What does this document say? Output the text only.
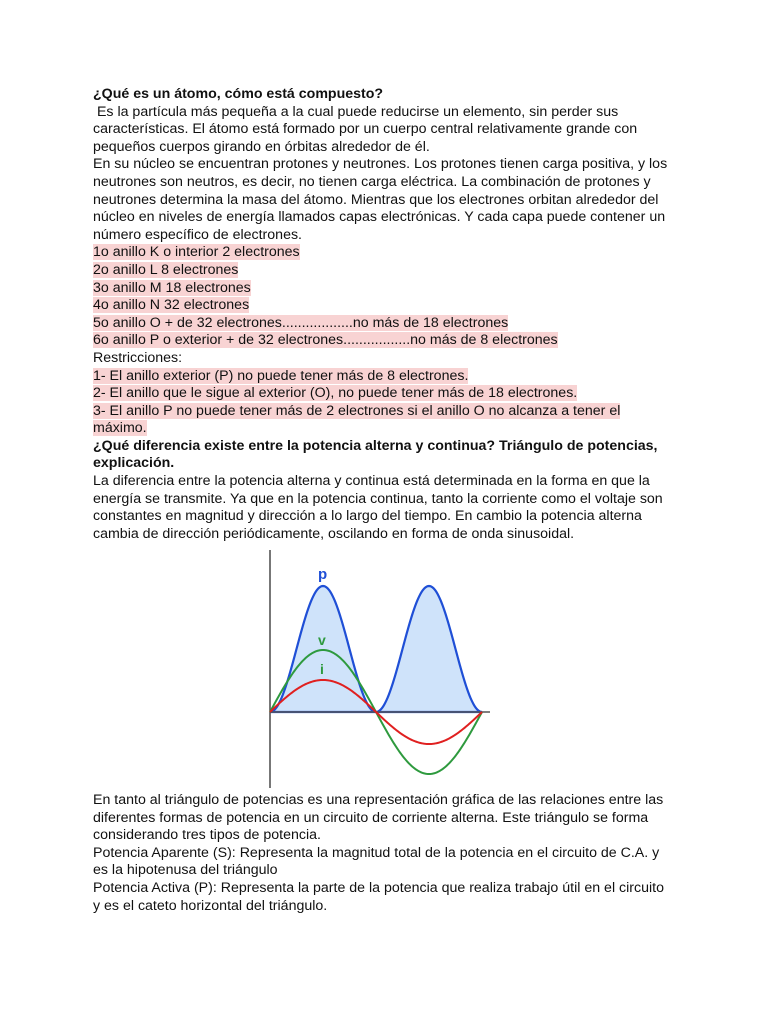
¿Qué es un átomo, cómo está compuesto?
Es la partícula más pequeña a la cual puede reducirse un elemento, sin perder sus
características. El átomo está formado por un cuerpo central relativamente grande con
pequeños cuerpos girando en órbitas alrededor de él.
En su núcleo se encuentran protones y neutrones. Los protones tienen carga positiva, y los
neutrones son neutros, es decir, no tienen carga eléctrica. La combinación de protones y
neutrones determina la masa del átomo. Mientras que los electrones orbitan alrededor del
núcleo en niveles de energía llamados capas electrónicas. Y cada capa puede contener un
número específico de electrones.
1o anillo K o interior 2 electrones
2o anillo L 8 electrones
3o anillo M 18 electrones
4o anillo N 32 electrones
5o anillo O + de 32 electrones..................no más de 18 electrones
6o anillo P o exterior + de 32 electrones.................no más de 8 electrones
Restricciones:
1- El anillo exterior (P) no puede tener más de 8 electrones.
2- El anillo que le sigue al exterior (O), no puede tener más de 18 electrones.
3- El anillo P no puede tener más de 2 electrones si el anillo O no alcanza a tener el
máximo.
¿Qué diferencia existe entre la potencia alterna y continua? Triángulo de potencias,
explicación.
La diferencia entre la potencia alterna y continua está determinada en la forma en que la
energía se transmite. Ya que en la potencia continua, tanto la corriente como el voltaje son
constantes en magnitud y dirección a lo largo del tiempo. En cambio la potencia alterna
cambia de dirección periódicamente, oscilando en forma de onda sinusoidal.
p
v
i
En tanto al triángulo de potencias es una representación gráfica de las relaciones entre las
diferentes formas de potencia en un circuito de corriente alterna. Este triángulo se forma
considerando tres tipos de potencia.
Potencia Aparente (S): Representa la magnitud total de la potencia en el circuito de C.A. y
es la hipotenusa del triángulo
Potencia Activa (P): Representa la parte de la potencia que realiza trabajo útil en el circuito
y es el cateto horizontal del triángulo.
